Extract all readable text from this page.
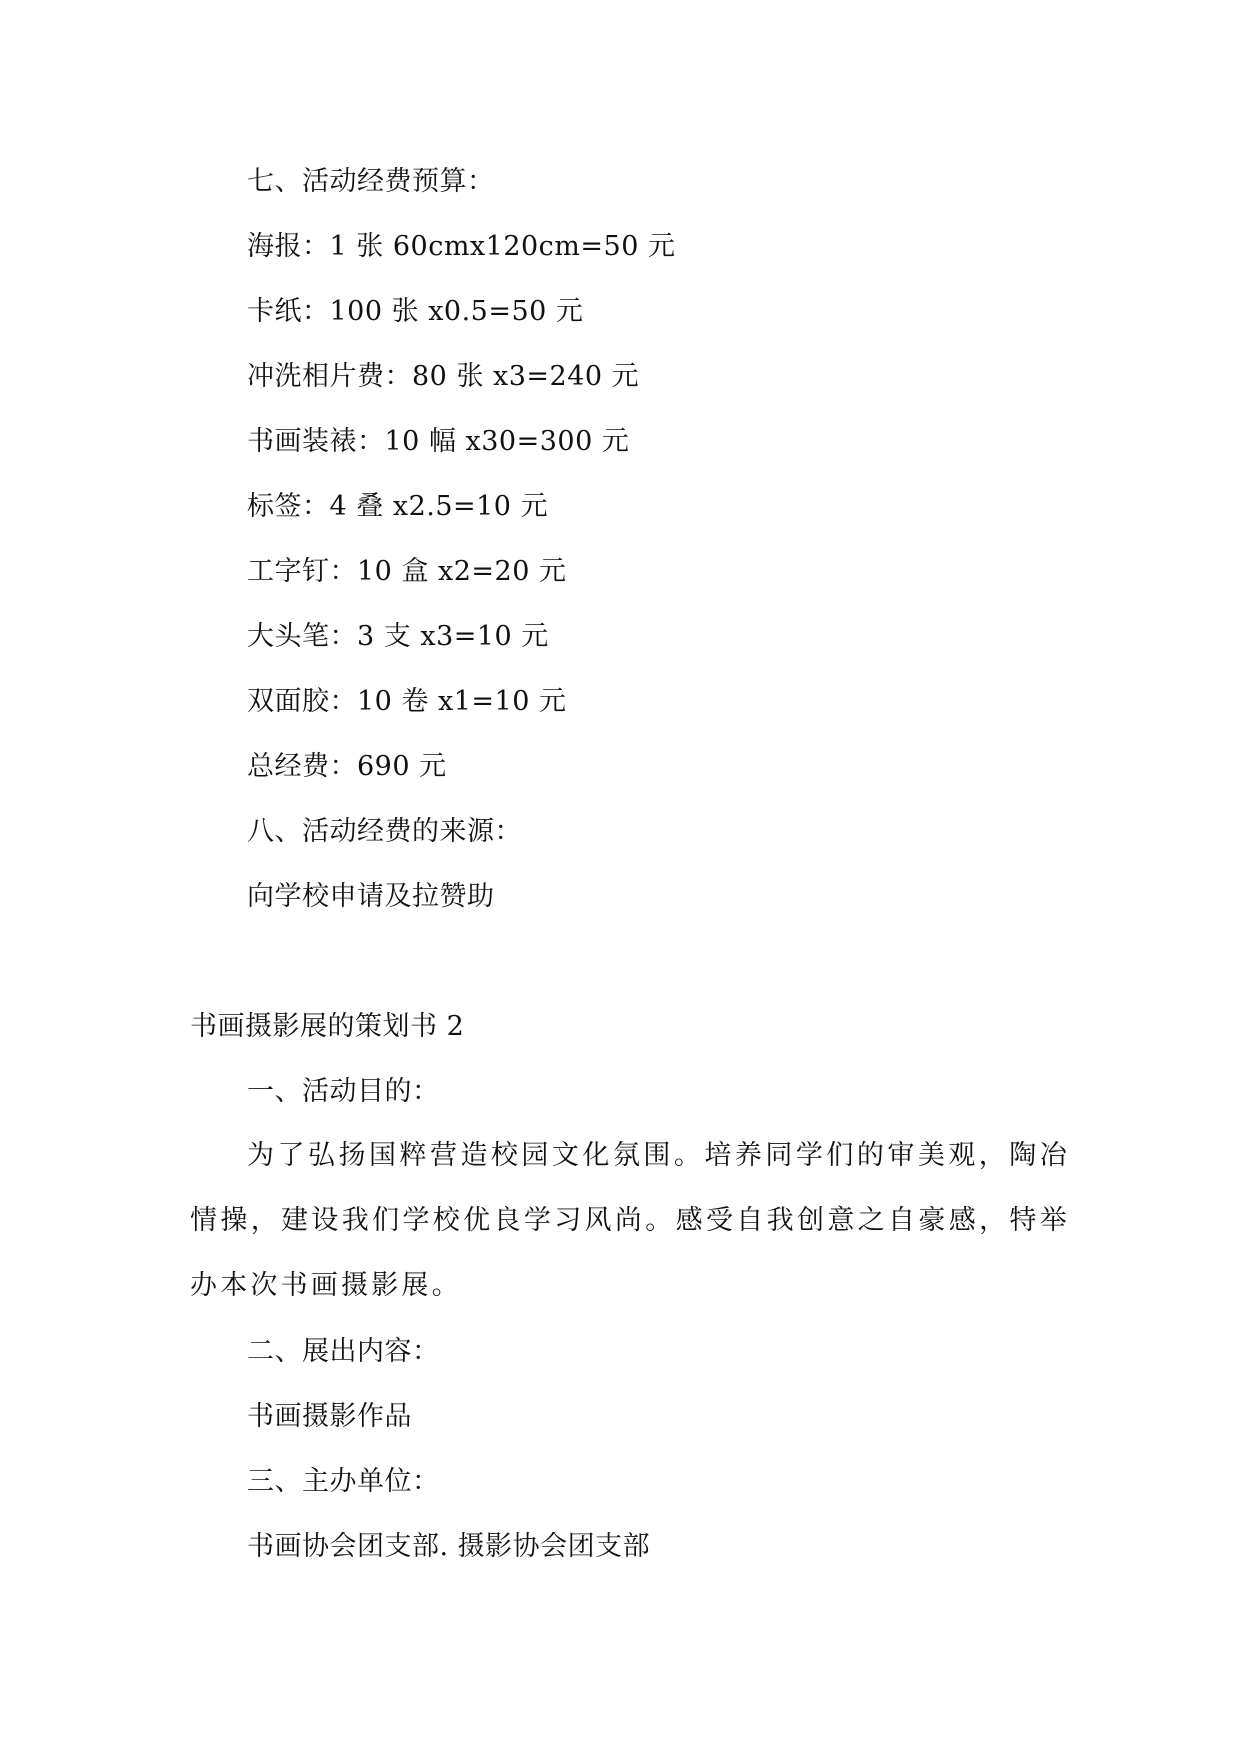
七、活动经费预算：

海报：1 张 60cmx120cm=50 元

卡纸：100 张 x0.5=50 元

冲洗相片费：80 张 x3=240 元

书画装裱：10 幅 x30=300 元

标签：4 叠 x2.5=10 元

工字钉：10 盒 x2=20 元

大头笔：3 支 x3=10 元

双面胶：10 卷 x1=10 元

总经费：690 元

八、活动经费的来源：

向学校申请及拉赞助

书画摄影展的策划书 2

一、活动目的：

为了弘扬国粹营造校园文化氛围。培养同学们的审美观，陶冶情操，建设我们学校优良学习风尚。感受自我创意之自豪感，特举办本次书画摄影展。

二、展出内容：

书画摄影作品

三、主办单位：

书画协会团支部. 摄影协会团支部
